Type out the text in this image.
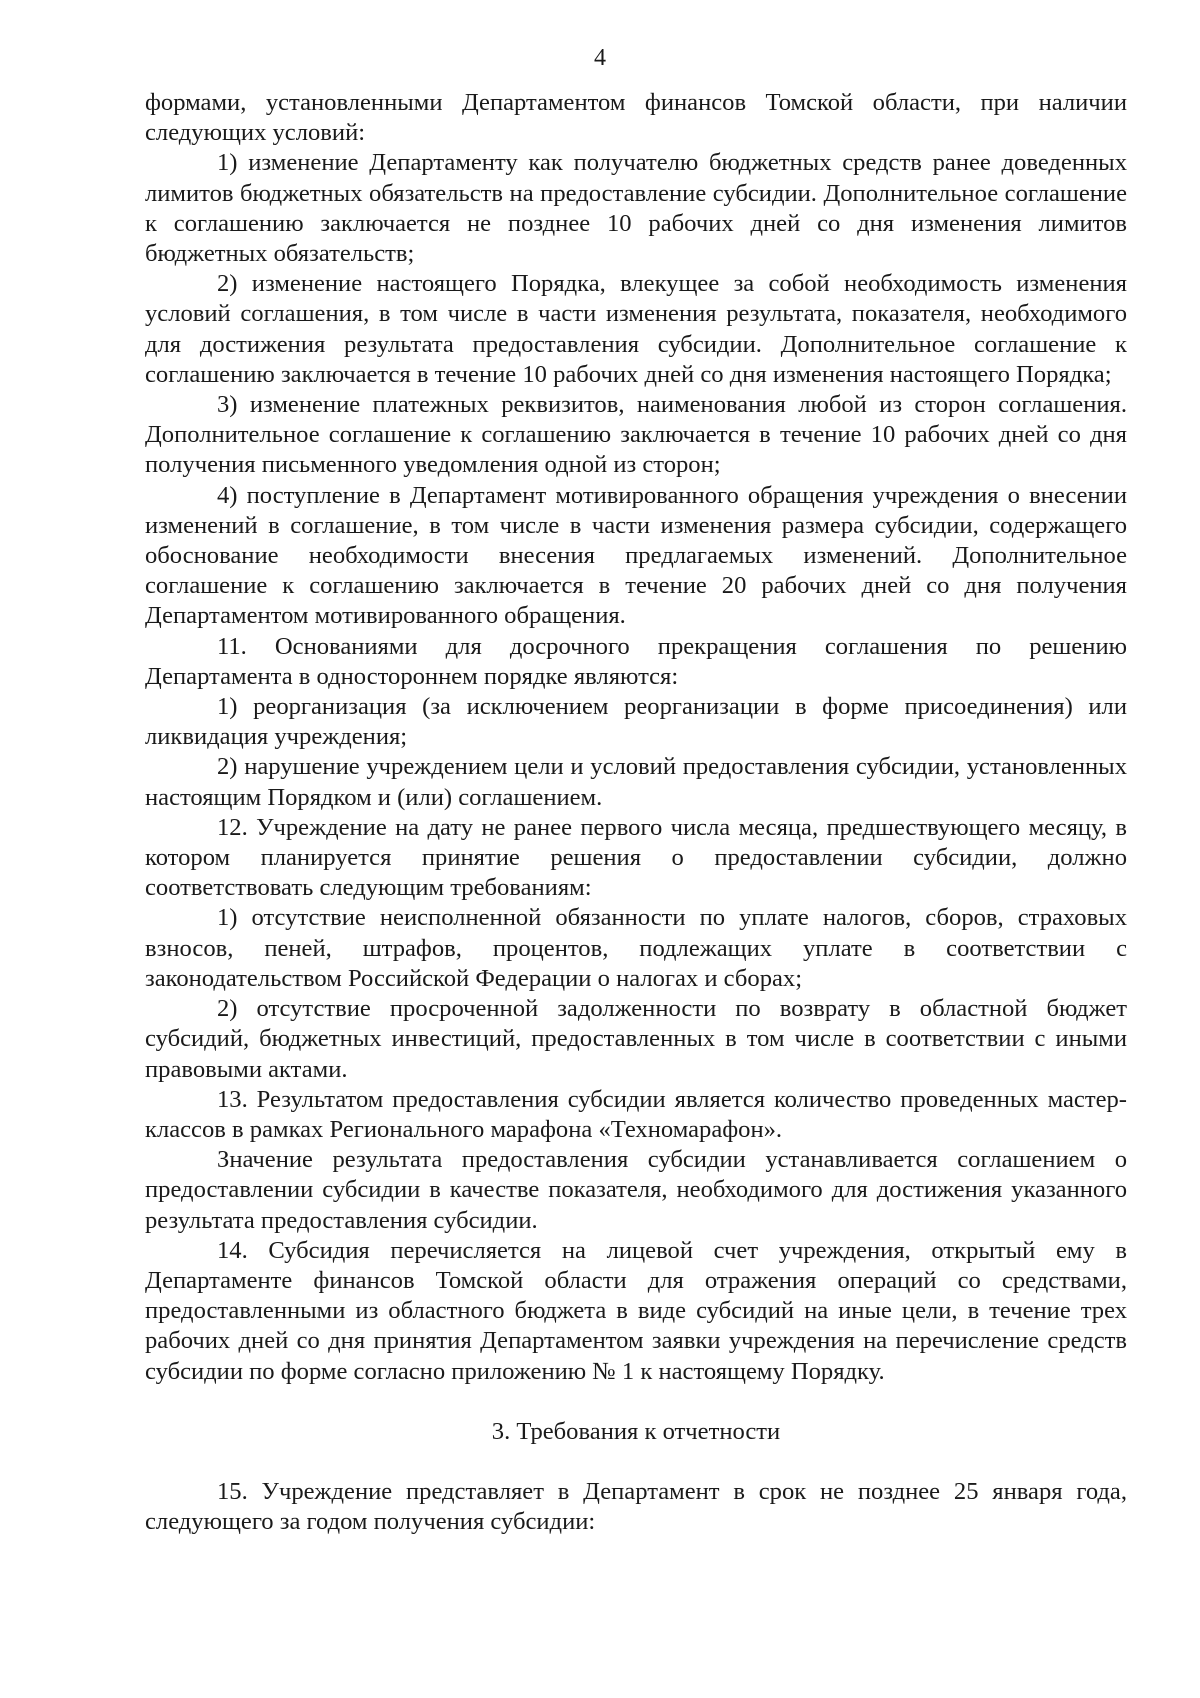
4

формами, установленными Департаментом финансов Томской области, при наличии следующих условий:

1) изменение Департаменту как получателю бюджетных средств ранее доведенных лимитов бюджетных обязательств на предоставление субсидии. Дополнительное соглашение к соглашению заключается не позднее 10 рабочих дней со дня изменения лимитов бюджетных обязательств;

2) изменение настоящего Порядка, влекущее за собой необходимость изменения условий соглашения, в том числе в части изменения результата, показателя, необходимого для достижения результата предоставления субсидии. Дополнительное соглашение к соглашению заключается в течение 10 рабочих дней со дня изменения настоящего Порядка;

3) изменение платежных реквизитов, наименования любой из сторон соглашения. Дополнительное соглашение к соглашению заключается в течение 10 рабочих дней со дня получения письменного уведомления одной из сторон;

4) поступление в Департамент мотивированного обращения учреждения о внесении изменений в соглашение, в том числе в части изменения размера субсидии, содержащего обоснование необходимости внесения предлагаемых изменений. Дополнительное соглашение к соглашению заключается в течение 20 рабочих дней со дня получения Департаментом мотивированного обращения.

11. Основаниями для досрочного прекращения соглашения по решению Департамента в одностороннем порядке являются:

1) реорганизация (за исключением реорганизации в форме присоединения) или ликвидация учреждения;

2) нарушение учреждением цели и условий предоставления субсидии, установленных настоящим Порядком и (или) соглашением.

12. Учреждение на дату не ранее первого числа месяца, предшествующего месяцу, в котором планируется принятие решения о предоставлении субсидии, должно соответствовать следующим требованиям:

1) отсутствие неисполненной обязанности по уплате налогов, сборов, страховых взносов, пеней, штрафов, процентов, подлежащих уплате в соответствии с законодательством Российской Федерации о налогах и сборах;

2) отсутствие просроченной задолженности по возврату в областной бюджет субсидий, бюджетных инвестиций, предоставленных в том числе в соответствии с иными правовыми актами.

13. Результатом предоставления субсидии является количество проведенных мастер-классов в рамках Регионального марафона «Техномарафон».

Значение результата предоставления субсидии устанавливается соглашением о предоставлении субсидии в качестве показателя, необходимого для достижения указанного результата предоставления субсидии.

14. Субсидия перечисляется на лицевой счет учреждения, открытый ему в Департаменте финансов Томской области для отражения операций со средствами, предоставленными из областного бюджета в виде субсидий на иные цели, в течение трех рабочих дней со дня принятия Департаментом заявки учреждения на перечисление средств субсидии по форме согласно приложению № 1 к настоящему Порядку.

3. Требования к отчетности

15. Учреждение представляет в Департамент в срок не позднее 25 января года, следующего за годом получения субсидии:
